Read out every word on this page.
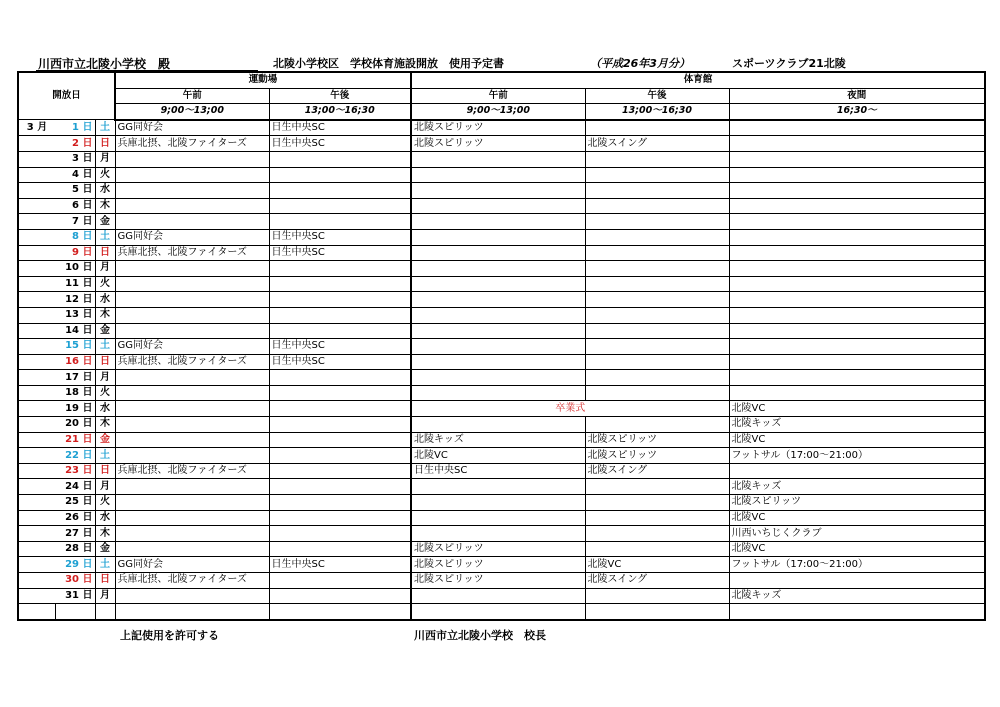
川西市立北陵小学校　殿	北陵小学校区　学校体育施設開放　使用予定書	（平成26年3月分）	スポーツクラブ21北陵
開放日			運動場		体育館		
			午前	午後	午前	午後	夜間
			9;00～13;00	13;00～16;30	9;00～13;00	13;00～16;30	16;30～
3 月	1 日	土	GG同好会	日生中央SC	北陵スピリッツ		
	2 日	日	兵庫北摂、北陵ファイターズ	日生中央SC	北陵スピリッツ	北陵スイング	
	3 日	月					
	4 日	火					
	5 日	水					
	6 日	木					
	7 日	金					
	8 日	土	GG同好会	日生中央SC			
	9 日	日	兵庫北摂、北陵ファイターズ	日生中央SC			
	10 日	月					
	11 日	火					
	12 日	水					
	13 日	木					
	14 日	金					
	15 日	土	GG同好会	日生中央SC			
	16 日	日	兵庫北摂、北陵ファイターズ	日生中央SC			
	17 日	月					
	18 日	火					
	19 日	水			卒業式		北陵VC
	20 日	木					北陵キッズ
	21 日	金			北陵キッズ	北陵スピリッツ	北陵VC
	22 日	土			北陵VC	北陵スピリッツ	フットサル（17:00～21:00）
	23 日	日	兵庫北摂、北陵ファイターズ		日生中央SC	北陵スイング	
	24 日	月					北陵キッズ
	25 日	火					北陵スピリッツ
	26 日	水					北陵VC
	27 日	木					川西いちじくクラブ
	28 日	金			北陵スピリッツ		北陵VC
	29 日	土	GG同好会	日生中央SC	北陵スピリッツ	北陵VC	フットサル（17:00～21:00）
	30 日	日	兵庫北摂、北陵ファイターズ		北陵スピリッツ	北陵スイング	
	31 日	月					北陵キッズ

上記使用を許可する	川西市立北陵小学校　校長
